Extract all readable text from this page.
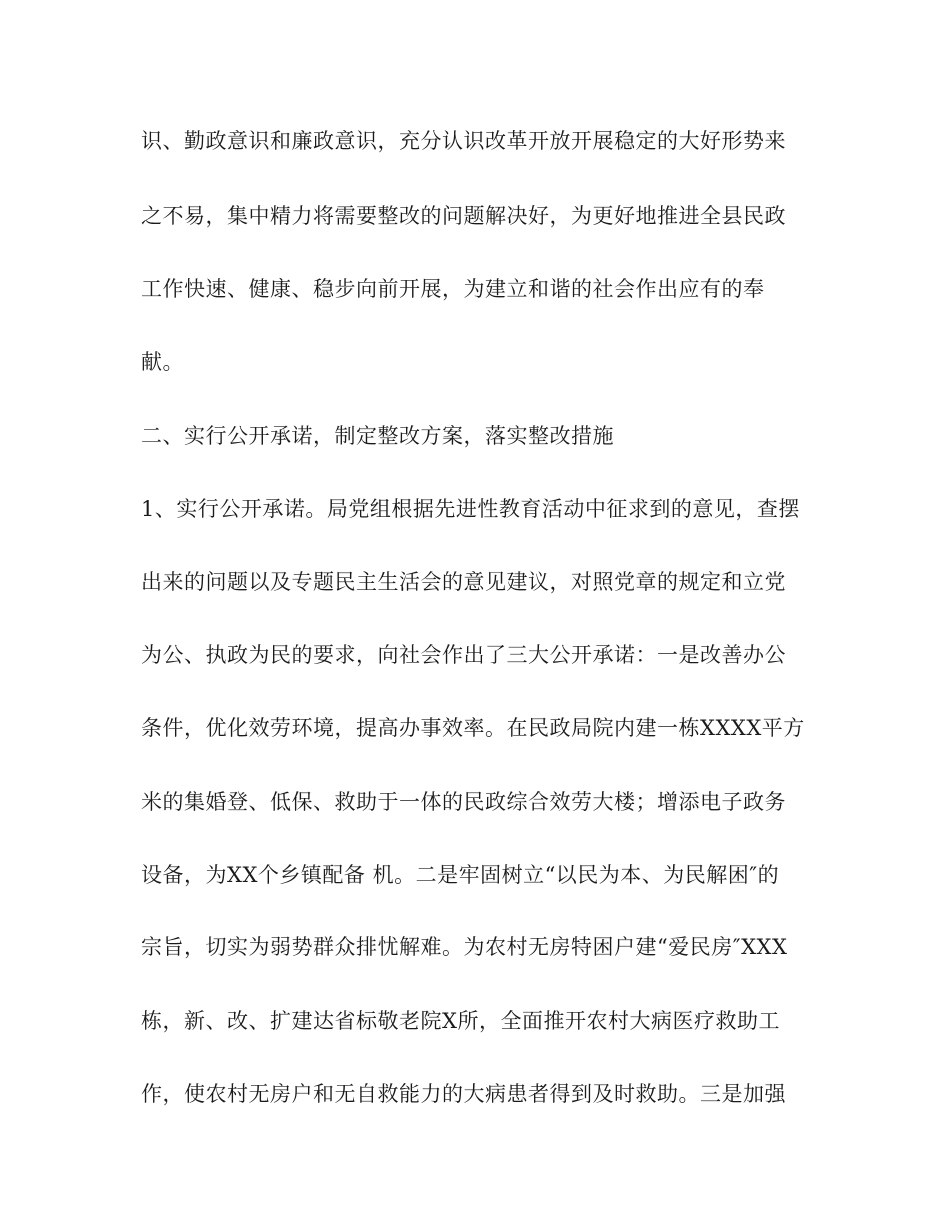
识、勤政意识和廉政意识，充分认识改革开放开展稳定的大好形势来
之不易，集中精力将需要整改的问题解决好，为更好地推进全县民政
工作快速、健康、稳步向前开展，为建立和谐的社会作出应有的奉
献。
二、实行公开承诺，制定整改方案，落实整改措施
1、实行公开承诺。局党组根据先进性教育活动中征求到的意见，查摆
出来的问题以及专题民主生活会的意见建议，对照党章的规定和立党
为公、执政为民的要求，向社会作出了三大公开承诺：一是改善办公
条件，优化效劳环境，提高办事效率。在民政局院内建一栋XXXX平方
米的集婚登、低保、救助于一体的民政综合效劳大楼；增添电子政务
设备，为XX个乡镇配备 机。二是牢固树立“以民为本、为民解困″的
宗旨，切实为弱势群众排忧解难。为农村无房特困户建“爱民房″XXX
栋，新、改、扩建达省标敬老院X所，全面推开农村大病医疗救助工
作，使农村无房户和无自救能力的大病患者得到及时救助。三是加强
